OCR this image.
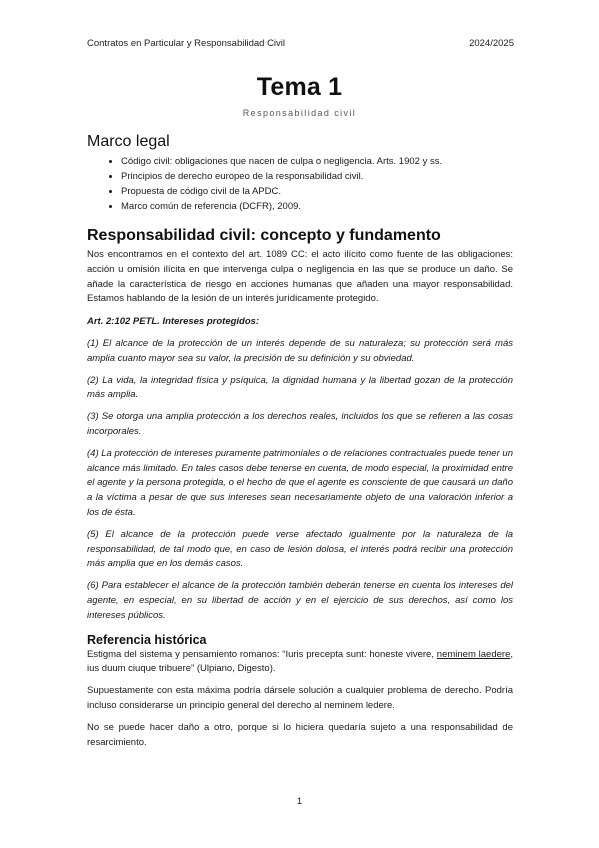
Contratos en Particular y Responsabilidad Civil	2024/2025
Tema 1
Responsabilidad civil
Marco legal
• Código civil: obligaciones que nacen de culpa o negligencia. Arts. 1902 y ss.
• Principios de derecho europeo de la responsabilidad civil.
• Propuesta de código civil de la APDC.
• Marco común de referencia (DCFR), 2009.
Responsabilidad civil: concepto y fundamento

Nos encontramos en el contexto del art. 1089 CC: el acto ilícito como fuente de las obligaciones: acción u omisión ilícita en que intervenga culpa o negligencia en las que se produce un daño. Se añade la característica de riesgo en acciones humanas que añaden una mayor responsabilidad. Estamos hablando de la lesión de un interés jurídicamente protegido.

Art. 2:102 PETL. Intereses protegidos:

(1) El alcance de la protección de un interés depende de su naturaleza; su protección será más amplia cuanto mayor sea su valor, la precisión de su definición y su obviedad.

(2) La vida, la integridad física y psíquica, la dignidad humana y la libertad gozan de la protección más amplia.

(3) Se otorga una amplia protección a los derechos reales, incluidos los que se refieren a las cosas incorporales.

(4) La protección de intereses puramente patrimoniales o de relaciones contractuales puede tener un alcance más limitado. En tales casos debe tenerse en cuenta, de modo especial, la proximidad entre el agente y la persona protegida, o el hecho de que el agente es consciente de que causará un daño a la víctima a pesar de que sus intereses sean necesariamente objeto de una valoración inferior a los de ésta.

(5) El alcance de la protección puede verse afectado igualmente por la naturaleza de la responsabilidad, de tal modo que, en caso de lesión dolosa, el interés podrá recibir una protección más amplia que en los demás casos.

(6) Para establecer el alcance de la protección también deberán tenerse en cuenta los intereses del agente, en especial, en su libertad de acción y en el ejercicio de sus derechos, así como los intereses públicos.

Referencia histórica

Estigma del sistema y pensamiento romanos: “Iuris precepta sunt: honeste vivere, neminem laedere, ius duum ciuque tribuere” (Ulpiano, Digesto).

Supuestamente con esta máxima podría dársele solución a cualquier problema de derecho. Podría incluso considerarse un principio general del derecho al neminem ledere.

No se puede hacer daño a otro, porque si lo hiciera quedaría sujeto a una responsabilidad de resarcimiento.

1
